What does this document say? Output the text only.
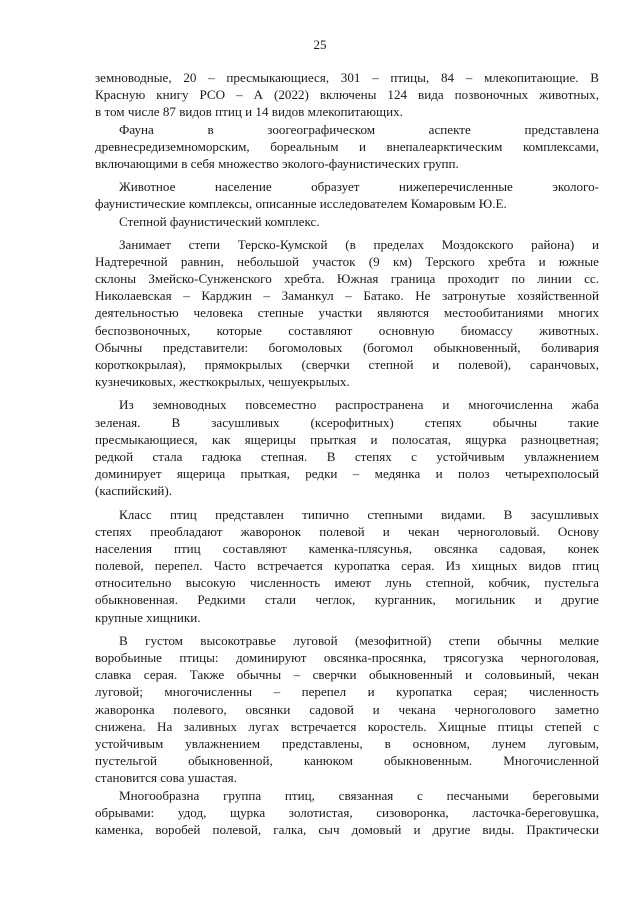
25
земноводные, 20 – пресмыкающиеся, 301 – птицы, 84 – млекопитающие. В
Красную книгу РСО – А (2022) включены 124 вида позвоночных животных,
в том числе 87 видов птиц и 14 видов млекопитающих.
Фауна в зоогеографическом аспекте представлена
древнесредиземноморским, бореальным и внепалеарктическим комплексами,
включающими в себя множество эколого-фаунистических групп.
Животное население образует нижеперечисленные эколого-
фаунистические комплексы, описанные исследователем Комаровым Ю.Е.
Степной фаунистический комплекс.
Занимает степи Терско-Кумской (в пределах Моздокского района) и
Надтеречной равнин, небольшой участок (9 км) Терского хребта и южные
склоны Змейско-Сунженского хребта. Южная граница проходит по линии сс.
Николаевская – Карджин – Заманкул – Батако. Не затронутые хозяйственной
деятельностью человека степные участки являются местообитаниями многих
беспозвоночных, которые составляют основную биомассу животных.
Обычны представители: богомоловых (богомол обыкновенный, боливария
короткокрылая), прямокрылых (сверчки степной и полевой), саранчовых,
кузнечиковых, жесткокрылых, чешуекрылых.
Из земноводных повсеместно распространена и многочисленна жаба
зеленая. В засушливых (ксерофитных) степях обычны такие
пресмыкающиеся, как ящерицы прыткая и полосатая, ящурка разноцветная;
редкой стала гадюка степная. В степях с устойчивым увлажнением
доминирует ящерица прыткая, редки – медянка и полоз четырехполосый
(каспийский).
Класс птиц представлен типично степными видами. В засушливых
степях преобладают жаворонок полевой и чекан черноголовый. Основу
населения птиц составляют каменка-плясунья, овсянка садовая, конек
полевой, перепел. Часто встречается куропатка серая. Из хищных видов птиц
относительно высокую численность имеют лунь степной, кобчик, пустельга
обыкновенная. Редкими стали чеглок, курганник, могильник и другие
крупные хищники.
В густом высокотравье луговой (мезофитной) степи обычны мелкие
воробьиные птицы: доминируют овсянка-просянка, трясогузка черноголовая,
славка серая. Также обычны – сверчки обыкновенный и соловьиный, чекан
луговой; многочисленны – перепел и куропатка серая; численность
жаворонка полевого, овсянки садовой и чекана черноголового заметно
снижена. На заливных лугах встречается коростель. Хищные птицы степей с
устойчивым увлажнением представлены, в основном, лунем луговым,
пустельгой обыкновенной, канюком обыкновенным. Многочисленной
становится сова ушастая.
Многообразна группа птиц, связанная с песчаными береговыми
обрывами: удод, щурка золотистая, сизоворонка, ласточка-береговушка,
каменка, воробей полевой, галка, сыч домовый и другие виды. Практически
